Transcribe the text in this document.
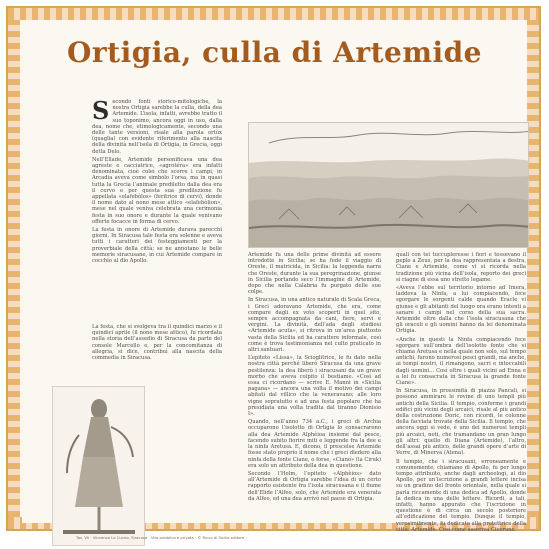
Ortigia, culla di Artemide

Secondo fonti storico-mitologiche, la nostra Ortigia sarebbe la culla, della dea Artemide. L’isola, infatti, avrebbe tratto il suo toponimo, ancora oggi in uso, dalla dea, nome che, etimologicamente, secondo una delle tante versioni, risale alla parola ortùx (quaglia) con evidente riferimento alla nascita della divinità nell’isola di Ortigia, in Grecia, oggi detta Delo.

Nell’Ellade, Artemide personificava una dea agreste e cacciatrice, «agrotéra» era infatti denominata, cioè colei che scorre i campi, in Arcadia aveva come simbolo l’orsa, ma in quasi tutta la Grecia l’animale prediletto dalla dea era il cervo e per questa sua predilezione fu appellata «elafebòlos» (feritrice di cervi), donde il nome dato al nono mese attico «elafebòlion», mese nel quale veniva celebrata una cerimonia festa in suo onore e durante la quale venivano offerte focacce in forma di cervo.

La festa in onore di Artemide durava parecchi giorni. In Siracusa tale festa era solenne e aveva tutti i caratteri dei festeggiamenti per la proverbiale della città; se ne annotano le belle memorie siracusane, in cui Artemide compare in cocchio al dio Apollo.

Artemide fu una delle prime divinità ad essere introdotte in Sicilia; se ha fede il viaggio di Oreste, il matricida, in Sicilia: la leggenda narra che Oreste, durante la sua peregrinazione, giunse in Sicilia portando seco l’immagine di Artemide, dopo che nella Calabria fu purgato delle sue colpe.

In Siracusa, in una antico naturale di Scala Greca, i Greci adoravano Artemide, che era, come compare dagli ex voto scoperti in quel sito, sempre accompagnata da cani, fiere, servi e vergini. La divinità, dell’ada degli studiosi «Artemide acuta», si ritrova in un’area piuttosto vasta della Sicilia ed ha carattere informale, così come è trova testimonianza nel culto praticato in altri santuari.

L’epiteto «Lissa», la Scioglitrice, le fu dato nella nostra città perché liberò Siracusa da una grave pestilenza: la dea liberò i siracusani da un grave morbo che aveva colpito il bestiame. «Così ad essa ci ricordano — scrive E. Manni in «Sicilia pagana» — ancora una volta il motivo dei campi abitati dal villico che la veneravano; alle loro vigne sopratutto e ad una festa popolare che ha presidiata una volta tradita dal tiranno Dionisio I».

Quando, nell’anno 734 a.C., i greci di Archia occuparono l’isolotto di Ortigia lo consacrarono alla dea Artemide Alphèioa insieme dal pesce, facendo subito fiorire miti e leggende fra la dee e la ninfa Aretusa. E, dicono, il prescelse Artemide fosse stato proprio il nome che i greci diedero alla ninfa della fonte Ciane, o forse, «Ciano» (la Ciruk) era solo un attributo della dea in questione.

Secondo l’Holm, l’epiteto «Alphèios» dato all’Artemide di Ortigia sarebbe l’idea di un certo rapporto esistente fra l’isola siracusana e il fiume dell’Elide l’Alfeo, solo, che Artemide era venerata da Alfeo, ed una dea arrivò nel paese di Ortigia.

quali con tei tuccupleresse i fiori e tessevano il peplo a Zeus, per la dea rappresentata a destra, Ciane e Artemide, come vi si ricorda nella tradizione più vicina dell’isola, reporto dei greci si riagne di essa uno stretto legame.

«Aveva l’ebbe sul territorio intorno ad Imera, laddova la Ninfa, a lui compiacendo, fece sgorgare le sorgenti calde quando Eracle vi giunse e gli abitanti del luogo ora erano intenti a sanare i campi nel corso della sua sacra. Artemide oltre dalla che l’isola siracusana che gli oracoli e gli uomini hanno da lei denominata Ortigia.

«Anche in questi la Ninfa compiacendo fece sgorgare sull’ombra dell’isolotto fonte che si chiama Aretusa e nella quale non solo, sul tempo antichi, furono numerosi pesci grandi, ma anche, ai tempi nostri, il rimangono, sacri e intoccabili dagli uomini... Così oltre i quali vicini ad Enna e a lei fu consacrata in Siracusa la grande fonte Ciane».

In Siracusa, in prossimità di piazza Pancali, si possono ammirare le rovine di uno templi più antichi della Sicilia. Il tempio, conforme i grandi edifici più vicini degli arcaici, risale al più antico della costruzione Doric, con ricordi, le colonne della facciata trovate della Sicilia. Il tempio, che ancora oggi si vede, è uno dei numerosi templi più arcaici, noti, che tramandano un gran lungo gli altri: quello di Diana (Artemide), l’altro, dell’assai più antico, delle grandi opere d’arte di Verre, di Minerva (Atena).

Il tempio, che i siracusani, erroneamente e comunemente, chiamano di Apollo, fu per lungo tempo attribuito, anche dagli archeologi, al dio Apollo, per un’iscrizione a grandi lettere incisa su un gradino del fronte orientale, nella quale si parla riccamente di una dedica ad Apollo, donde la dedica in una delle letture. Ricordi, a tali, infatti, hanno appurato che l’iscrizione in questione è di circa un secolo posteriore all’edificazione del tempio. Dunque il tempio, verosimilmente, fu dedicato alla protettrice della città: Artemide. Così come asseriva Cicerone.

La festa, che si svolgeva tra il quindici marzo e il quindici aprile (il nono mese attico), fu ricordata nella storia dell’assedio di Siracusa da parte del console Marcello e, per la concomitanza di allegria, si dice, contribuì alla nascita della commedia in Siracusa.

Tav. VII · Vincenzo Lo Curzio, Siracusa · Vita pubblica e privata · © Ricco di Sicilia editore
